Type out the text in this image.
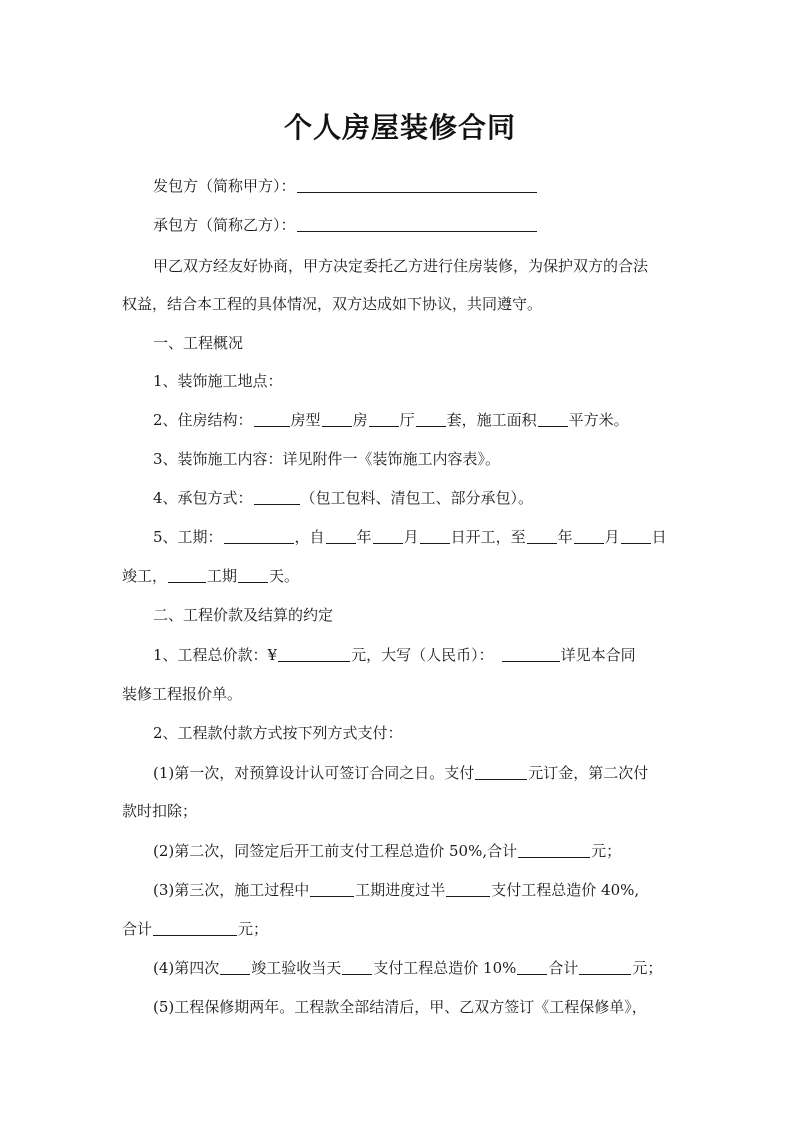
个人房屋装修合同
发包方（简称甲方）：
承包方（简称乙方）：
甲乙双方经友好协商，甲方决定委托乙方进行住房装修，为保护双方的合法
权益，结合本工程的具体情况，双方达成如下协议，共同遵守。
一、工程概况
1、装饰施工地点：
2、住房结构：	房型 房 厅 套，施工面积 平方米。
3、装饰施工内容：详见附件一《装饰施工内容表》。
4、承包方式：	（包工包料、清包工、部分承包）。
5、工期：	，自 年 月 日开工，至 年 月 日
竣工，	工期 天。
二、工程价款及结算的约定
1、工程总价款：¥	元，大写（人民币）：	详见本合同
装修工程报价单。
2、工程款付款方式按下列方式支付：
(1)第一次，对预算设计认可签订合同之日。支付	元订金，第二次付
款时扣除；
(2)第二次，同签定后开工前支付工程总造价 50%,合计	元；
(3)第三次，施工过程中	工期进度过半	支付工程总造价 40%,
合计	元；
(4)第四次 竣工验收当天 支付工程总造价 10% 合计	元；
(5)工程保修期两年。工程款全部结清后，甲、乙双方签订《工程保修单》，
